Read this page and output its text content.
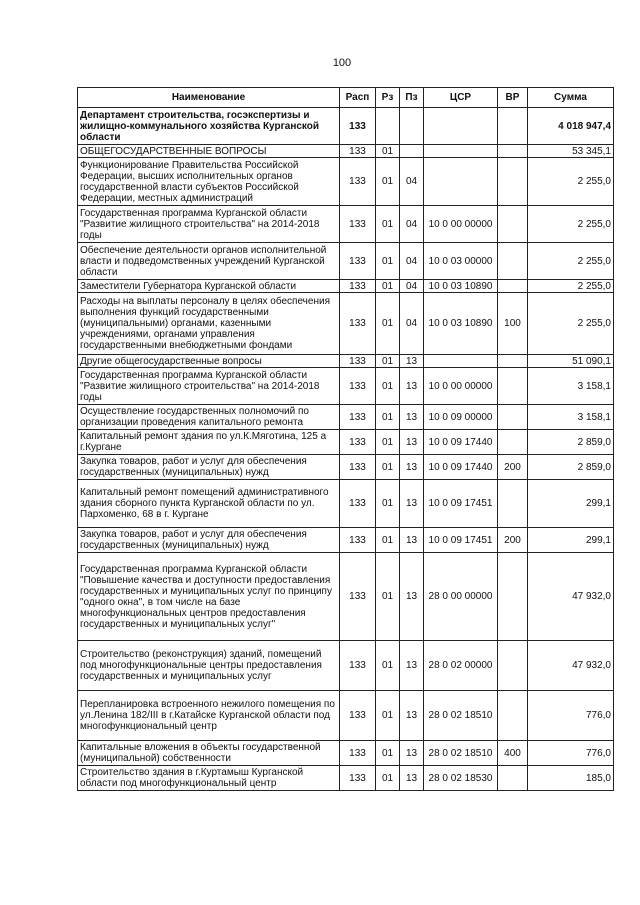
100
Наименование	Расп	Рз	Пз	ЦСР	ВР	Сумма
Департамент строительства, госэкспертизы и жилищно-коммунального хозяйства Курганской области	133					4 018 947,4
ОБЩЕГОСУДАРСТВЕННЫЕ ВОПРОСЫ	133	01				53 345,1
Функционирование Правительства Российской Федерации, высших исполнительных органов государственной власти субъектов Российской Федерации, местных администраций	133	01	04			2 255,0
Государственная программа Курганской области "Развитие жилищного строительства" на 2014-2018 годы	133	01	04	10 0 00 00000		2 255,0
Обеспечение деятельности органов исполнительной власти и подведомственных учреждений Курганской области	133	01	04	10 0 03 00000		2 255,0
Заместители Губернатора Курганской области	133	01	04	10 0 03 10890		2 255,0
Расходы на выплаты персоналу в целях обеспечения выполнения функций государственными (муниципальными) органами, казенными учреждениями, органами управления государственными внебюджетными фондами	133	01	04	10 0 03 10890	100	2 255,0
Другие общегосударственные вопросы	133	01	13			51 090,1
Государственная программа Курганской области "Развитие жилищного строительства" на 2014-2018 годы	133	01	13	10 0 00 00000		3 158,1
Осуществление государственных полномочий по организации проведения капитального ремонта	133	01	13	10 0 09 00000		3 158,1
Капитальный ремонт здания по ул.К.Мяготина, 125 а г.Кургане	133	01	13	10 0 09 17440		2 859,0
Закупка товаров, работ и услуг для обеспечения государственных (муниципальных) нужд	133	01	13	10 0 09 17440	200	2 859,0
Капитальный ремонт помещений административного здания сборного пункта Курганской области по ул. Пархоменко, 68 в г. Кургане	133	01	13	10 0 09 17451		299,1
Закупка товаров, работ и услуг для обеспечения государственных (муниципальных) нужд	133	01	13	10 0 09 17451	200	299,1
Государственная программа Курганской области "Повышение качества и доступности предоставления государственных и муниципальных услуг по принципу "одного окна", в том числе на базе многофункциональных центров предоставления государственных и муниципальных услуг"	133	01	13	28 0 00 00000		47 932,0
Строительство (реконструкция) зданий, помещений под многофункциональные центры предоставления государственных и муниципальных услуг	133	01	13	28 0 02 00000		47 932,0
Перепланировка встроенного нежилого помещения по ул.Ленина 182/III в г.Катайске Курганской области под многофункциональный центр	133	01	13	28 0 02 18510		776,0
Капитальные вложения в объекты государственной (муниципальной) собственности	133	01	13	28 0 02 18510	400	776,0
Строительство здания в г.Куртамыш Курганской области под многофункциональный центр	133	01	13	28 0 02 18530		185,0
